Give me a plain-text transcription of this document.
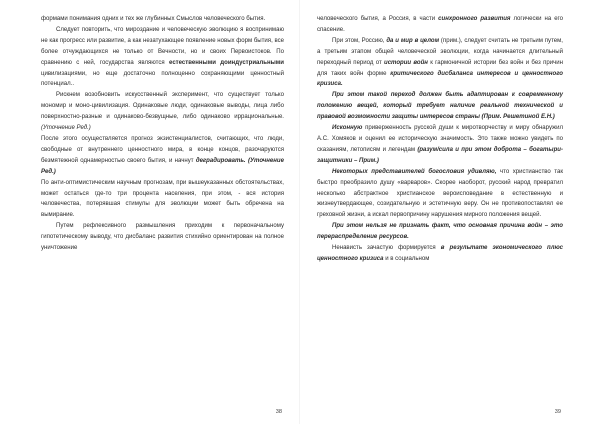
формами понимания одних и тех же глубинных Смыслов человеческого бытия.

Следует повторить, что мироздание и человеческую эволюцию я воспринимаю не как прогресс или развитие, а как незатухающее появление новых форм бытия, все более отчуждающихся не только от Вечности, но и своих Первоистоков. По сравнению с ней, государства являются естественными доиндустриальными цивилизациями, но еще достаточно полноценно сохраняющими ценностный потенциал..

Рискнем возобновить искусственный эксперимент, что существует только мономир и моно-цивилизация. Одинаковые люди, одинаковые выводы, лица либо поверхностно-разные и одинаково-безвущные, либо одинаково иррациональные. (Уточнение Ред.)

После этого осуществляется прогноз экзистенциалистов, считающих, что люди, свободные от внутреннего ценностного мира, в конце концов, разочаруются безмятежной однамерностью своего бытия, и начнут деградировать. (Уточнение Ред.)

По анти-оптимистическим научным прогнозам, при вышеуказанных обстоятельствах, может остаться где-то три процента населения, при этом, - вся история человечества, потерявшая стимулы для эволюции может быть обречена на вымирание.

Путем рефлексивного размышления приходим к первоначальному гипотетическому выводу, что дисбаланс развития стихийно ориентирован на полное уничтожение

38

человеческого бытия, а Россия, в части синхронного развития логически на его спасение.

При этом, Россию, да и мир в целом (прим.), следует считать не третьим путем, а третьим этапом общей человеческой эволюции, когда начинается длительный переходный период от истории войн к гармоничной истории без войн и без причин для таких войн форме критического дисбаланса интересов и ценностного кризиса.

При этом такой переход должен быть адаптирован к современному положению вещей, который требует наличие реальной технической и правовой возможности защиты интересов страны (Прим. Решетиной Е.Н.)

Исконную приверженность русской души к миротворчеству и миру обнаружил А.С. Хомяков и оценил ее историческую значимость. Это также можно увидеть по сказаниям, летописям и легендам (разум/сила и при этом доброта – богатыри-защитники – Прим.)

Некоторых представителей богословия удивляю, что христианство так быстро преобразило душу «варваров». Скорее наоборот, русский народ превратил несколько абстрактное христианское вероисповедание в естественную и жизнеутвердающее, созидательную и эстетичную веру. Он не противопоставлял ее греховной жизни, а искал первопричину нарушения мирного положения вещей.

При этом нельзя не признать факт, что основная причина войн – это перераспределение ресурсов.

Ненависть зачастую формируется в результате экономического плюс ценностного кризиса и в социальном

39
